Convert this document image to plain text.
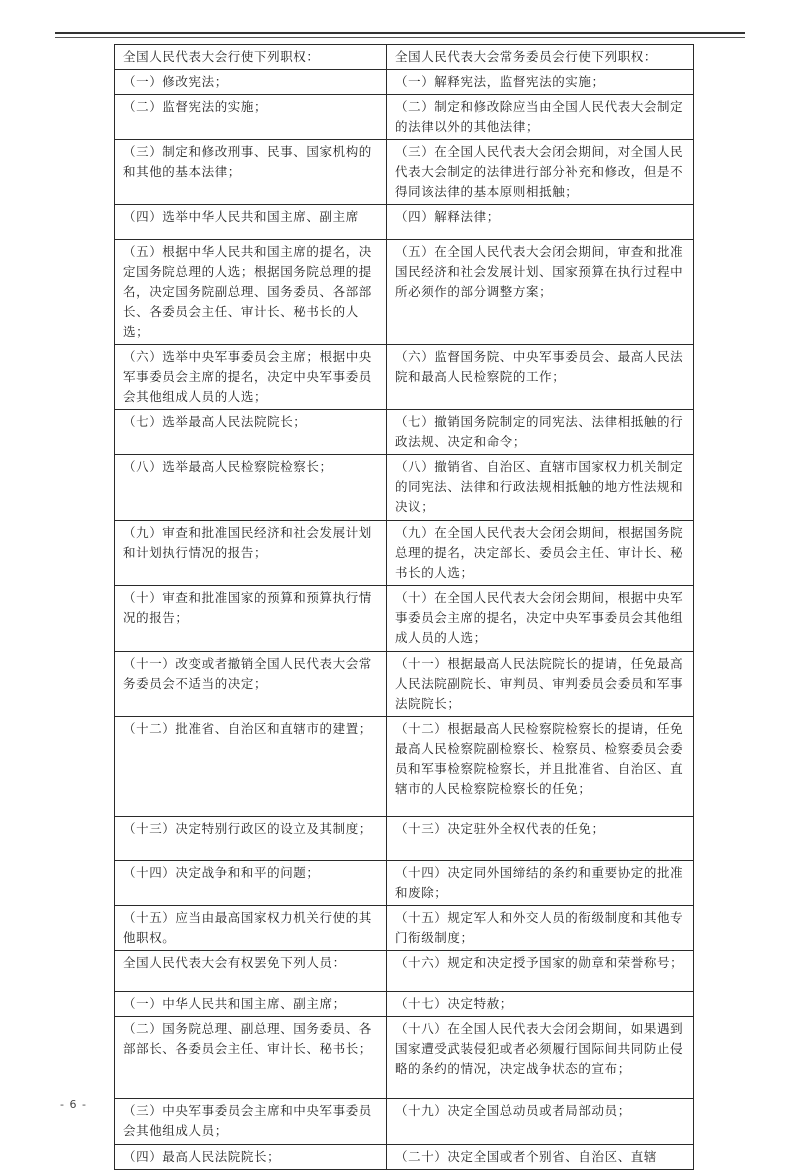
全国人民代表大会行使下列职权：	全国人民代表大会常务委员会行使下列职权：
（一）修改宪法；	（一）解释宪法，监督宪法的实施；
（二）监督宪法的实施；	（二）制定和修改除应当由全国人民代表大会制定的法律以外的其他法律；
（三）制定和修改刑事、民事、国家机构的和其他的基本法律；	（三）在全国人民代表大会闭会期间，对全国人民代表大会制定的法律进行部分补充和修改，但是不得同该法律的基本原则相抵触；
（四）选举中华人民共和国主席、副主席	（四）解释法律；
（五）根据中华人民共和国主席的提名，决定国务院总理的人选；根据国务院总理的提名，决定国务院副总理、国务委员、各部部长、各委员会主任、审计长、秘书长的人选；	（五）在全国人民代表大会闭会期间，审查和批准国民经济和社会发展计划、国家预算在执行过程中所必须作的部分调整方案；
（六）选举中央军事委员会主席；根据中央军事委员会主席的提名，决定中央军事委员会其他组成人员的人选；	（六）监督国务院、中央军事委员会、最高人民法院和最高人民检察院的工作；
（七）选举最高人民法院院长；	（七）撤销国务院制定的同宪法、法律相抵触的行政法规、决定和命令；
（八）选举最高人民检察院检察长；	（八）撤销省、自治区、直辖市国家权力机关制定的同宪法、法律和行政法规相抵触的地方性法规和决议；
（九）审查和批准国民经济和社会发展计划和计划执行情况的报告；	（九）在全国人民代表大会闭会期间，根据国务院总理的提名，决定部长、委员会主任、审计长、秘书长的人选；
（十）审查和批准国家的预算和预算执行情况的报告；	（十）在全国人民代表大会闭会期间，根据中央军事委员会主席的提名，决定中央军事委员会其他组成人员的人选；
（十一）改变或者撤销全国人民代表大会常务委员会不适当的决定；	（十一）根据最高人民法院院长的提请，任免最高人民法院副院长、审判员、审判委员会委员和军事法院院长；
（十二）批准省、自治区和直辖市的建置；	（十二）根据最高人民检察院检察长的提请，任免最高人民检察院副检察长、检察员、检察委员会委员和军事检察院检察长，并且批准省、自治区、直辖市的人民检察院检察长的任免；
（十三）决定特别行政区的设立及其制度；	（十三）决定驻外全权代表的任免；
（十四）决定战争和和平的问题；	（十四）决定同外国缔结的条约和重要协定的批准和废除；
（十五）应当由最高国家权力机关行使的其他职权。	（十五）规定军人和外交人员的衔级制度和其他专门衔级制度；
全国人民代表大会有权罢免下列人员：	（十六）规定和决定授予国家的勋章和荣誉称号；
（一）中华人民共和国主席、副主席；	（十七）决定特赦；
（二）国务院总理、副总理、国务委员、各部部长、各委员会主任、审计长、秘书长；	（十八）在全国人民代表大会闭会期间，如果遇到国家遭受武装侵犯或者必须履行国际间共同防止侵略的条约的情况，决定战争状态的宣布；
（三）中央军事委员会主席和中央军事委员会其他组成人员；	（十九）决定全国总动员或者局部动员；
（四）最高人民法院院长；	（二十）决定全国或者个别省、自治区、直辖
- 6 -
